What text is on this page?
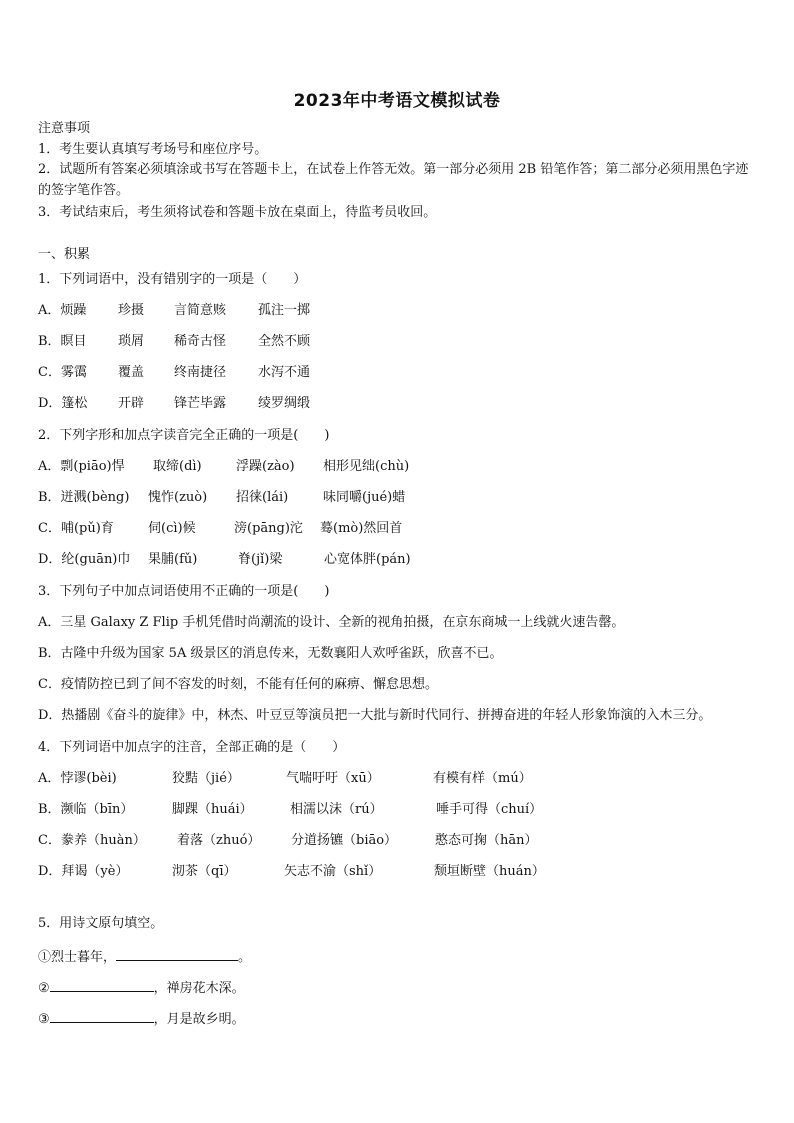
2023年中考语文模拟试卷
注意事项
1．考生要认真填写考场号和座位序号。
2．试题所有答案必须填涂或书写在答题卡上，在试卷上作答无效。第一部分必须用 2B 铅笔作答；第二部分必须用黑色字迹的签字笔作答。
3．考试结束后，考生须将试卷和答题卡放在桌面上，待监考员收回。
一、积累
1．下列词语中，没有错别字的一项是（　　）
A．烦躁 珍摄 言简意赅 孤注一掷
B．瞑目 琐屑 稀奇古怪 全然不顾
C．雾霭 覆盖 终南捷径 水泻不通
D．篷松 开辟 锋芒毕露 绫罗绸缎
2．下列字形和加点字读音完全正确的一项是(　　)
A．剽(piāo)悍 取缔(dì)	浮躁(zào) 相形见绌(chù)
B．迸溅(bèng) 愧怍(zuò) 招徕(lái)	味同嚼(jué)蜡
C．哺(pǔ)育	伺(cì)候	滂(pāng)沱 蓦(mò)然回首
D．纶(guān)巾 果脯(fǔ)	脊(jǐ)梁	心宽体胖(pán)
3．下列句子中加点词语使用不正确的一项是(　　)
A．三星 Galaxy Z Flip 手机凭借时尚潮流的设计、全新的视角拍摄，在京东商城一上线就火速告罄。
B．古隆中升级为国家 5A 级景区的消息传来，无数襄阳人欢呼雀跃，欣喜不已。
C．疫情防控已到了间不容发的时刻，不能有任何的麻痹、懈怠思想。
D．热播剧《奋斗的旋律》中，林杰、叶豆豆等演员把一大批与新时代同行、拼搏奋进的年轻人形象饰演的入木三分。
4．下列词语中加点字的注音，全部正确的是（　　）
A．悖谬(bèi)	狡黠（jié）	气喘吁吁（xū）	有模有样（mú）
B．濒临（bīn）	脚踝（huái）	相濡以沫（rú）	唾手可得（chuí）
C．豢养（huàn） 着落（zhuó） 分道扬镳（biāo）	憨态可掬（hān）
D．拜谒（yè）	沏茶（qī）	矢志不渝（shǐ）	颓垣断壁（huán）
5．用诗文原句填空。
①烈士暮年，	。
②	，禅房花木深。
③	，月是故乡明。
